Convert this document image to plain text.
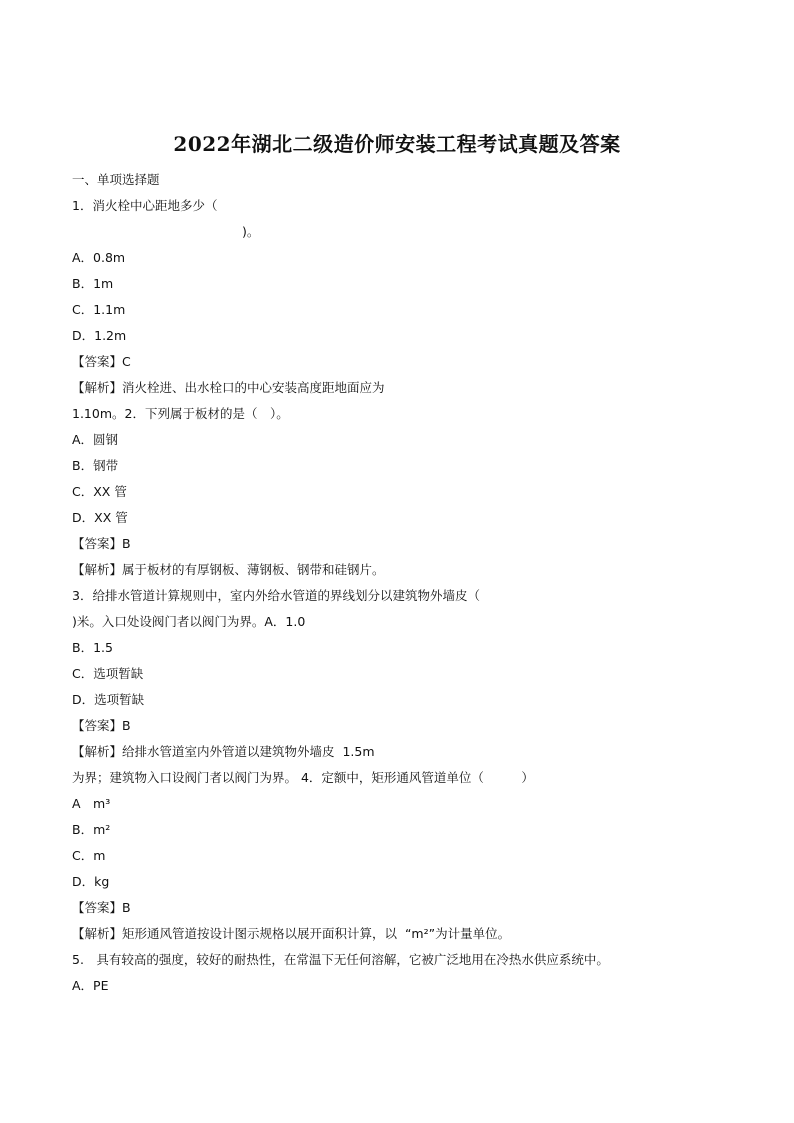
2022年湖北二级造价师安装工程考试真题及答案
一、单项选择题
1．消火栓中心距地多少（
)。
A．0.8m
B．1m
C．1.1m
D．1.2m
【答案】C
【解析】消火栓进、出水栓口的中心安装高度距地面应为
1.10m。2．下列属于板材的是（　）。
A．圆钢
B．钢带
C．XX 管
D．XX 管
【答案】B
【解析】属于板材的有厚钢板、薄钢板、钢带和硅钢片。
3．给排水管道计算规则中，室内外给水管道的界线划分以建筑物外墙皮（
)米。入口处设阀门者以阀门为界。A．1.0
B．1.5
C．选项暂缺
D．选项暂缺
【答案】B
【解析】给排水管道室内外管道以建筑物外墙皮  1.5m
为界；建筑物入口设阀门者以阀门为界。 4．定额中，矩形通风管道单位（　　　）
A　m³
B．m²
C．m
D．kg
【答案】B
【解析】矩形通风管道按设计图示规格以展开面积计算，以  “m²”为计量单位。
5.　具有较高的强度，较好的耐热性，在常温下无任何溶解，它被广泛地用在冷热水供应系统中。
A．PE
